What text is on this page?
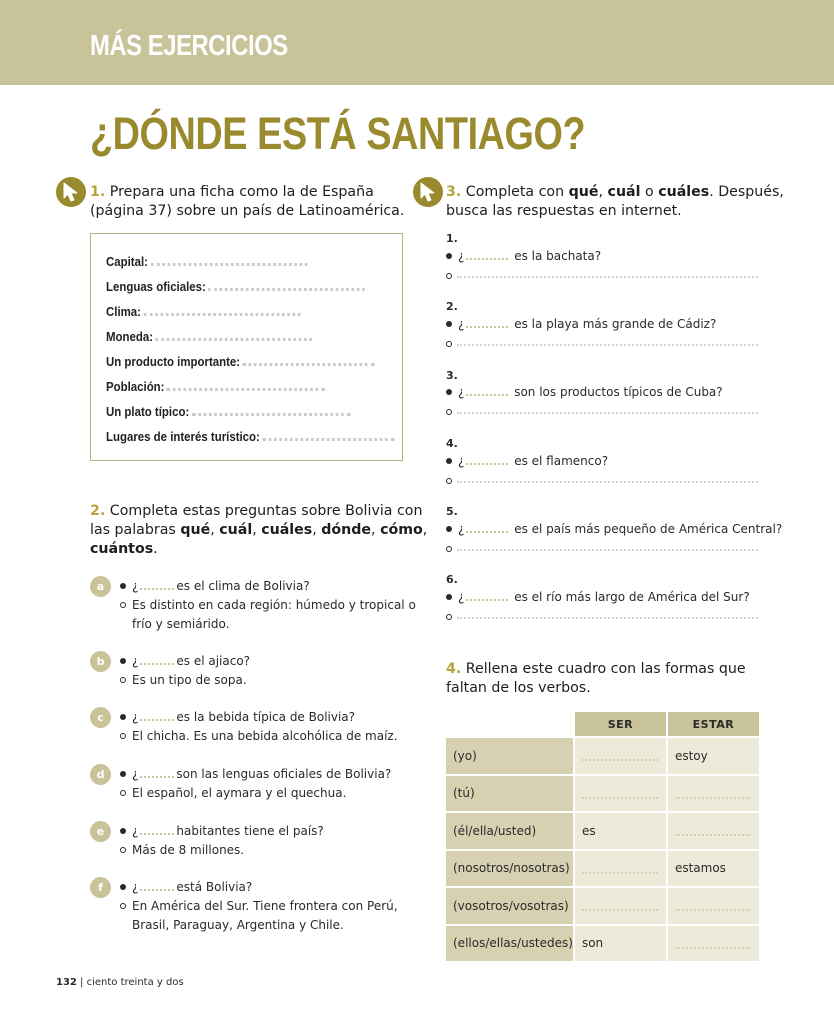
MÁS EJERCICIOS
¿DÓNDE ESTÁ SANTIAGO?
1. Prepara una ficha como la de España
(página 37) sobre un país de Latinoamérica.
Capital:
Lenguas oficiales:
Clima:
Moneda:
Un producto importante:
Población:
Un plato típico:
Lugares de interés turístico:
2. Completa estas preguntas sobre Bolivia con
las palabras qué, cuál, cuáles, dónde, cómo,
cuántos.
a	¿	es el clima de Bolivia?
Es distinto en cada región: húmedo y tropical o
frío y semiárido.
b	¿	es el ajiaco?
Es un tipo de sopa.
c	¿	es la bebida típica de Bolivia?
El chicha. Es una bebida alcohólica de maíz.
d	¿	son las lenguas oficiales de Bolivia?
El español, el aymara y el quechua.
e	¿	habitantes tiene el país?
Más de 8 millones.
f	¿	está Bolivia?
En América del Sur. Tiene frontera con Perú,
Brasil, Paraguay, Argentina y Chile.
3. Completa con qué, cuál o cuáles. Después,
busca las respuestas en internet.
1.
¿	es la bachata?
2.
¿	es la playa más grande de Cádiz?
3.
¿	son los productos típicos de Cuba?
4.
¿	es el flamenco?
5.
¿	es el país más pequeño de América Central?
6.
¿	es el río más largo de América del Sur?
4. Rellena este cuadro con las formas que
faltan de los verbos.
	SER	ESTAR
(yo)		estoy
(tú)		
(él/ella/usted)	es	
(nosotros/nosotras)		estamos
(vosotros/vosotras)		
(ellos/ellas/ustedes)	son	
132 | ciento treinta y dos
